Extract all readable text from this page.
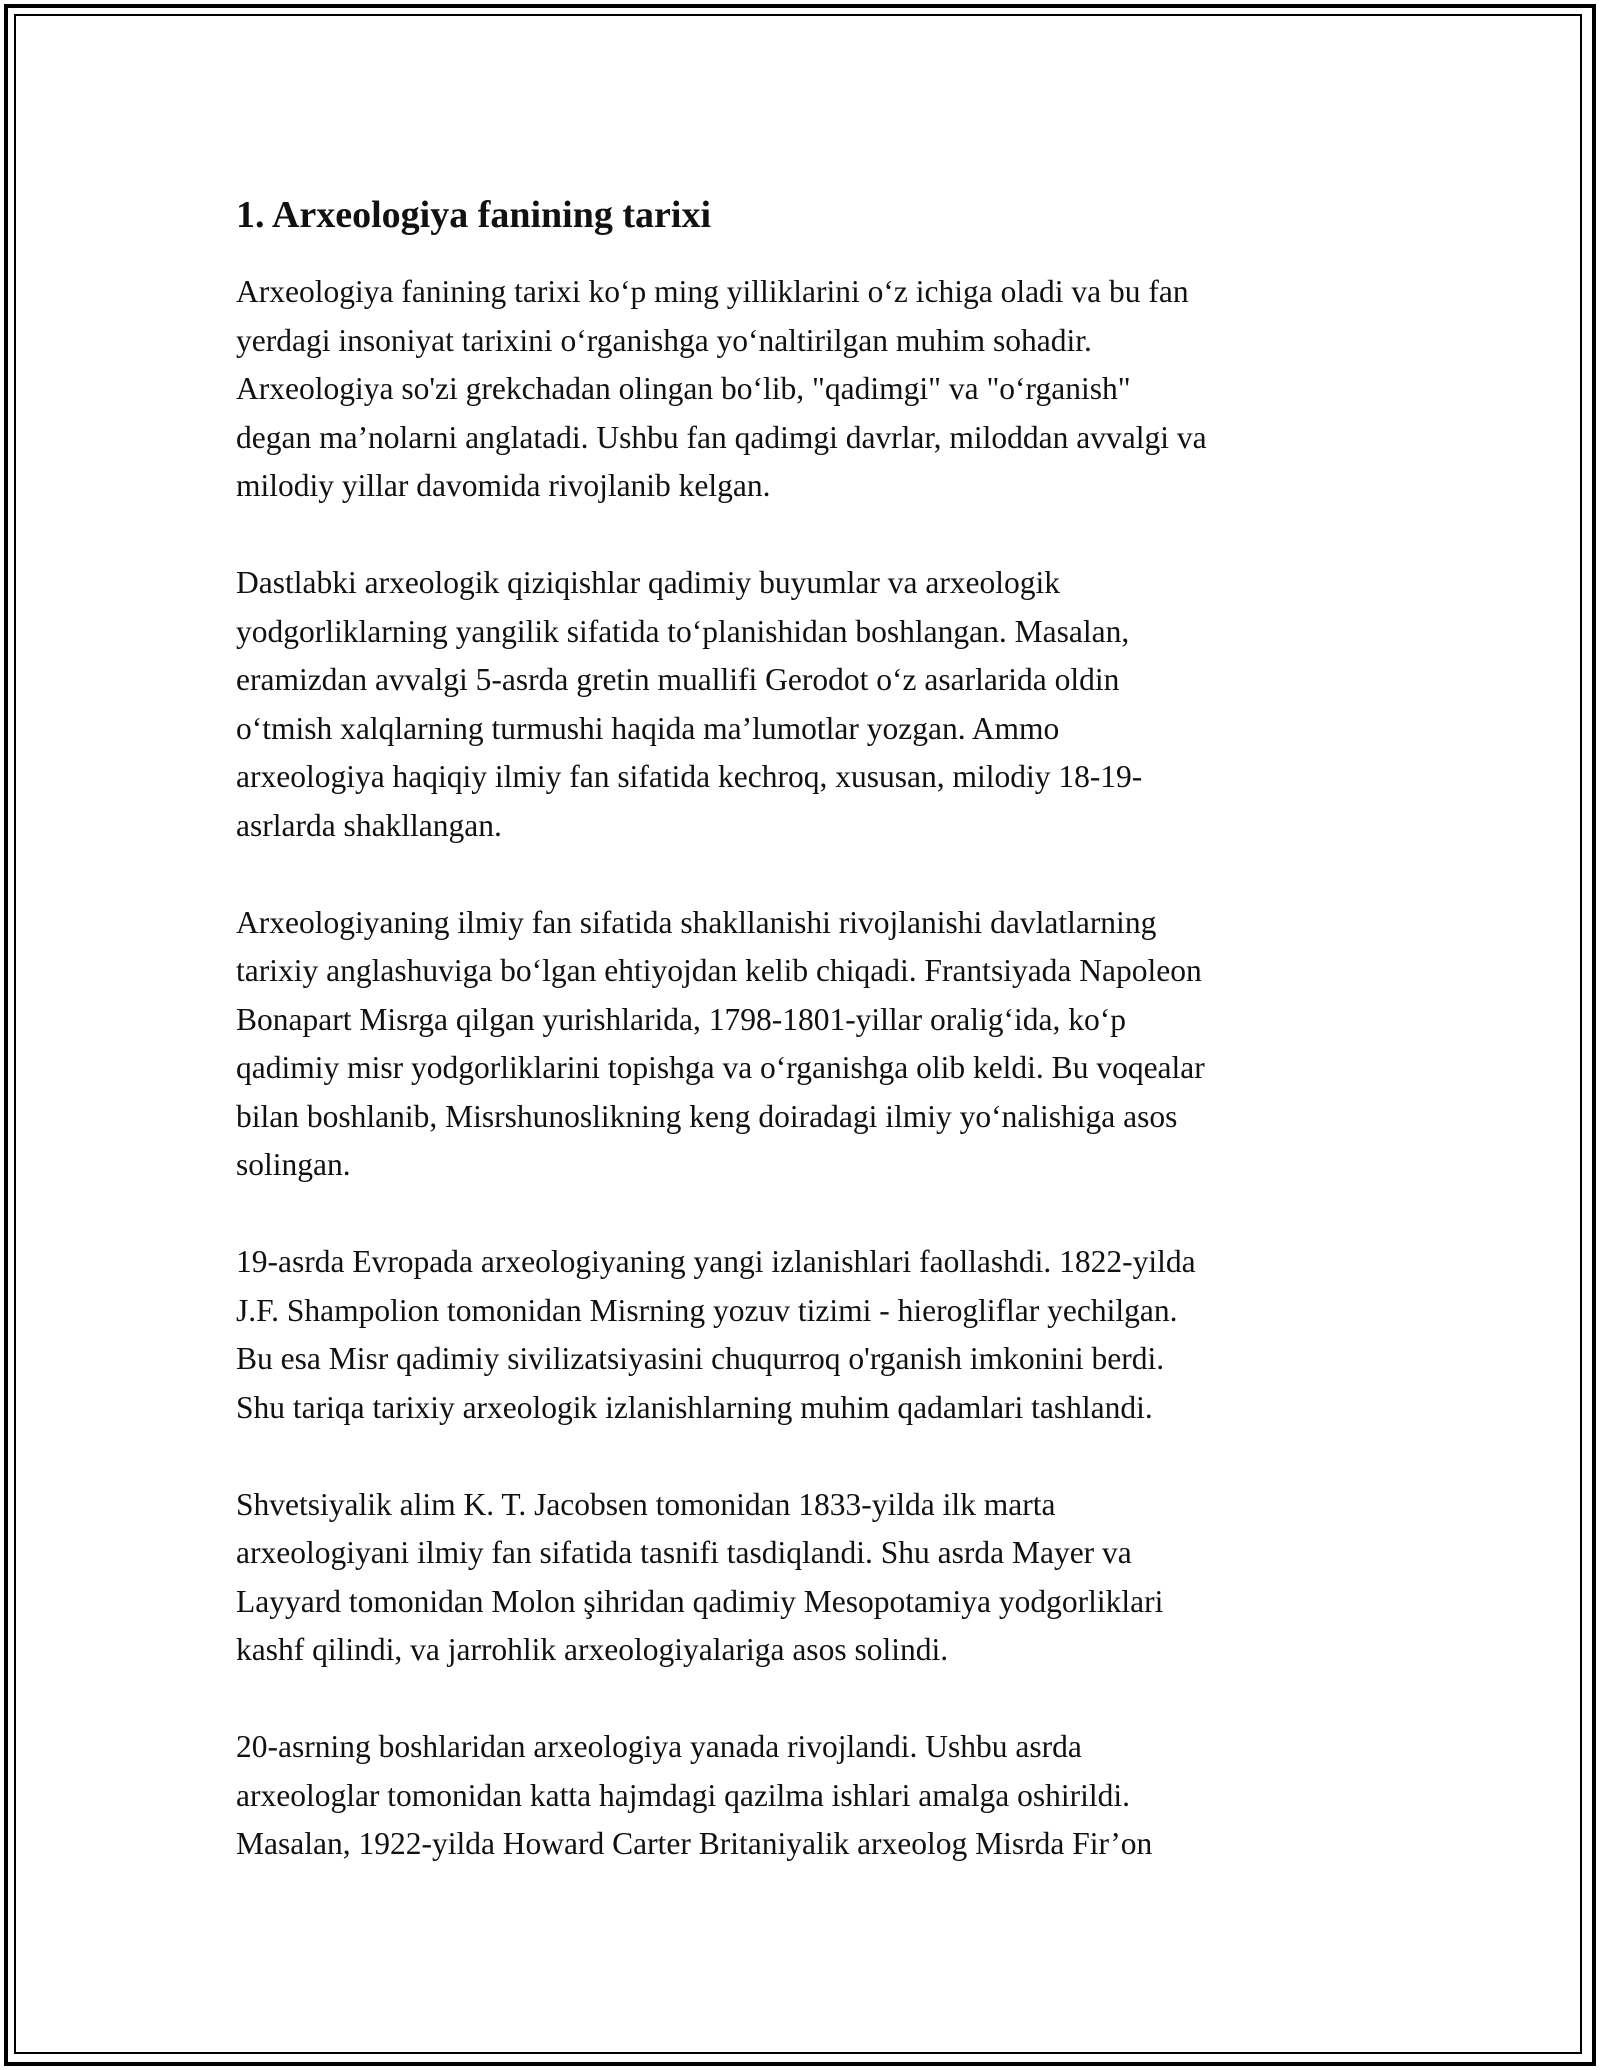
1. Arxeologiya fanining tarixi

Arxeologiya fanining tarixi ko‘p ming yilliklarini o‘z ichiga oladi va bu fan
yerdagi insoniyat tarixini o‘rganishga yo‘naltirilgan muhim sohadir.
Arxeologiya so'zi grekchadan olingan bo‘lib, "qadimgi" va "o‘rganish"
degan ma’nolarni anglatadi. Ushbu fan qadimgi davrlar, miloddan avvalgi va
milodiy yillar davomida rivojlanib kelgan.

Dastlabki arxeologik qiziqishlar qadimiy buyumlar va arxeologik
yodgorliklarning yangilik sifatida to‘planishidan boshlangan. Masalan,
eramizdan avvalgi 5-asrda gretin muallifi Gerodot o‘z asarlarida oldin
o‘tmish xalqlarning turmushi haqida ma’lumotlar yozgan. Ammo
arxeologiya haqiqiy ilmiy fan sifatida kechroq, xususan, milodiy 18-19-
asrlarda shakllangan.

Arxeologiyaning ilmiy fan sifatida shakllanishi rivojlanishi davlatlarning
tarixiy anglashuviga bo‘lgan ehtiyojdan kelib chiqadi. Frantsiyada Napoleon
Bonapart Misrga qilgan yurishlarida, 1798-1801-yillar oralig‘ida, ko‘p
qadimiy misr yodgorliklarini topishga va o‘rganishga olib keldi. Bu voqealar
bilan boshlanib, Misrshunoslikning keng doiradagi ilmiy yo‘nalishiga asos
solingan.

19-asrda Evropada arxeologiyaning yangi izlanishlari faollashdi. 1822-yilda
J.F. Shampolion tomonidan Misrning yozuv tizimi - hierogliflar yechilgan.
Bu esa Misr qadimiy sivilizatsiyasini chuqurroq o'rganish imkonini berdi.
Shu tariqa tarixiy arxeologik izlanishlarning muhim qadamlari tashlandi.

Shvetsiyalik alim K. T. Jacobsen tomonidan 1833-yilda ilk marta
arxeologiyani ilmiy fan sifatida tasnifi tasdiqlandi. Shu asrda Mayer va
Layyard tomonidan Molon şihridan qadimiy Mesopotamiya yodgorliklari
kashf qilindi, va jarrohlik arxeologiyalariga asos solindi.

20-asrning boshlaridan arxeologiya yanada rivojlandi. Ushbu asrda
arxeologlar tomonidan katta hajmdagi qazilma ishlari amalga oshirildi.
Masalan, 1922-yilda Howard Carter Britaniyalik arxeolog Misrda Fir’on
